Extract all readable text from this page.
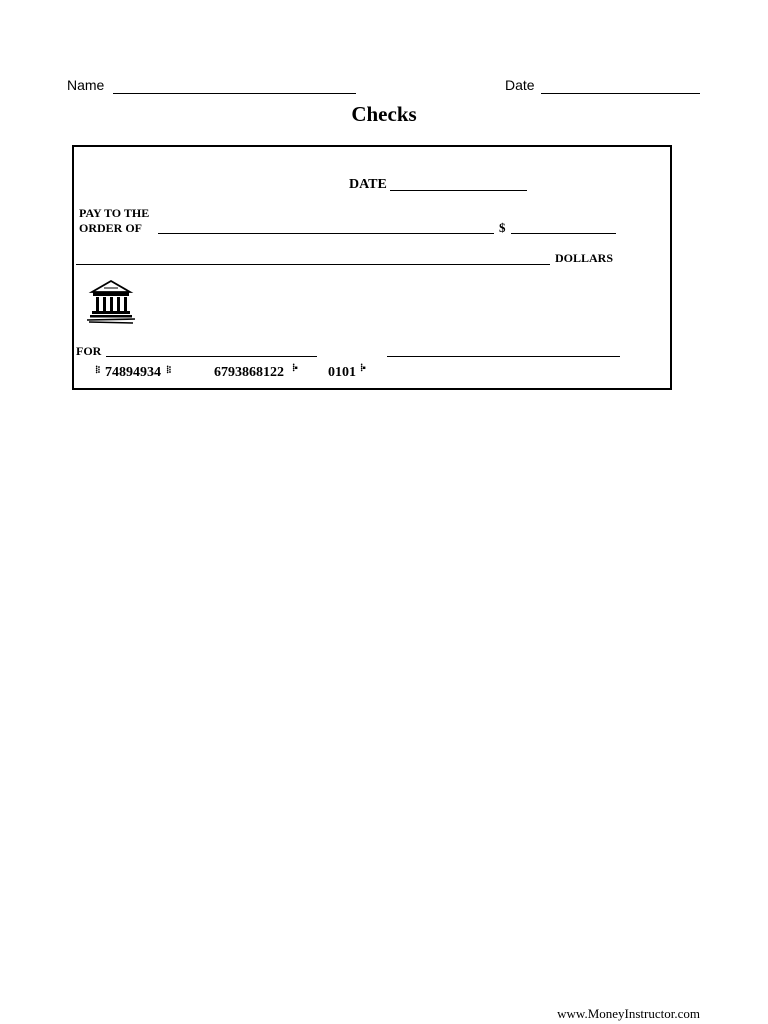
Name	Date
Checks
DATE
PAY TO THE
ORDER OF	$
DOLLARS
FOR
⁞⁝ 74894934 ⁞⁝	6793868122 ⁞▪ 0101 ⁞▪
www.MoneyInstructor.com
